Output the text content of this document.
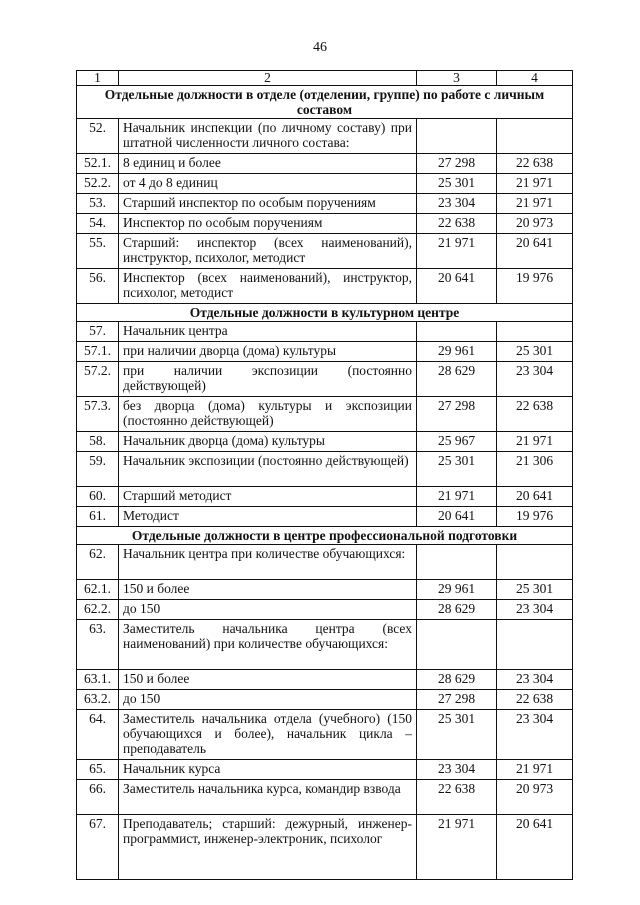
46
1	2	3	4
Отдельные должности в отделе (отделении, группе) по работе с личным составом			
52.	Начальник инспекции (по личному составу) при штатной численности личного состава:		
52.1.	8 единиц и более	27 298	22 638
52.2.	от 4 до 8 единиц	25 301	21 971
53.	Старший инспектор по особым поручениям	23 304	21 971
54.	Инспектор по особым поручениям	22 638	20 973
55.	Старший: инспектор (всех наименований), инструктор, психолог, методист	21 971	20 641
56.	Инспектор (всех наименований), инструктор, психолог, методист	20 641	19 976
Отдельные должности в культурном центре			
57.	Начальник центра		
57.1.	при наличии дворца (дома) культуры	29 961	25 301
57.2.	при наличии экспозиции (постоянно действующей)	28 629	23 304
57.3.	без дворца (дома) культуры и экспозиции (постоянно действующей)	27 298	22 638
58.	Начальник дворца (дома) культуры	25 967	21 971
59.	Начальник экспозиции (постоянно действующей)	25 301	21 306
60.	Старший методист	21 971	20 641
61.	Методист	20 641	19 976
Отдельные должности в центре профессиональной подготовки			
62.	Начальник центра при количестве обучающихся:		
62.1.	150 и более	29 961	25 301
62.2.	до 150	28 629	23 304
63.	Заместитель начальника центра (всех наименований) при количестве обучающихся:		
63.1.	150 и более	28 629	23 304
63.2.	до 150	27 298	22 638
64.	Заместитель начальника отдела (учебного) (150 обучающихся и более), начальник цикла – преподаватель	25 301	23 304
65.	Начальник курса	23 304	21 971
66.	Заместитель начальника курса, командир взвода	22 638	20 973
67.	Преподаватель; старший: дежурный, инженер-программист, инженер-электроник, психолог	21 971	20 641
